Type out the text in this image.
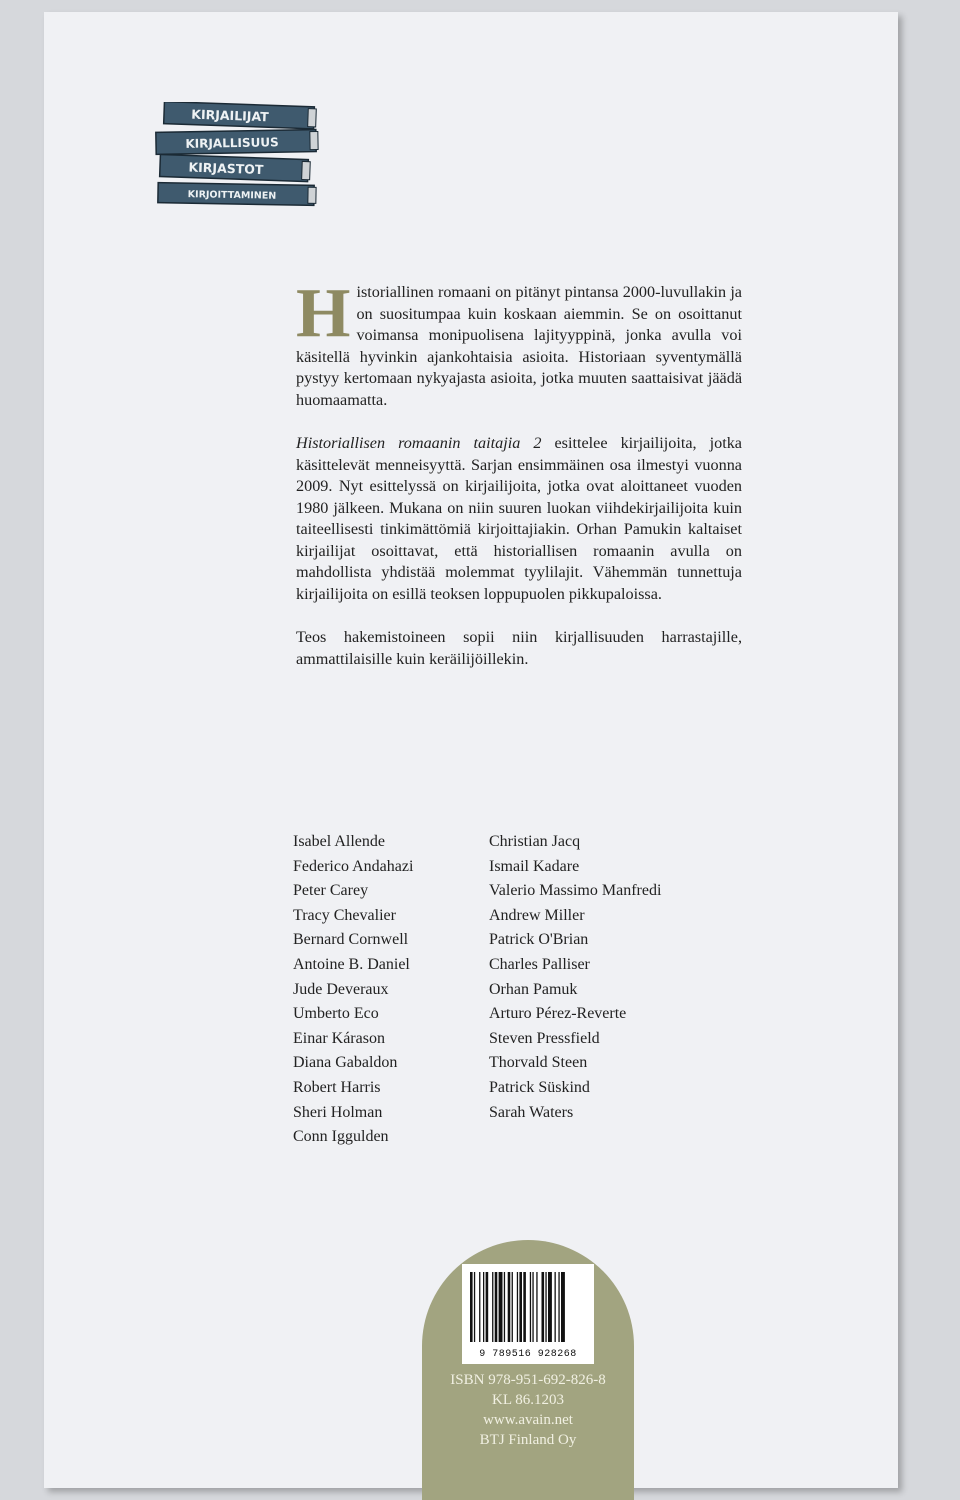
KIRJAILIJAT
KIRJALLISUUS
KIRJASTOT
KIRJOITTAMINEN

Historiallinen romaani on pitänyt pintansa 2000-luvullakin ja on suositumpaa kuin koskaan aiemmin. Se on osoittanut voimansa monipuolisena lajityyppinä, jonka avulla voi käsitellä hyvinkin ajankohtaisia asioita. Historiaan syventymällä pystyy kertomaan nykyajasta asioita, jotka muuten saattaisivat jäädä huomaamatta.

Historiallisen romaanin taitajia 2 esittelee kirjailijoita, jotka käsittelevät menneisyyttä. Sarjan ensimmäinen osa ilmestyi vuonna 2009. Nyt esittelyssä on kirjailijoita, jotka ovat aloittaneet vuoden 1980 jälkeen. Mukana on niin suuren luokan viihdekirjailijoita kuin taiteellisesti tinkimättömiä kirjoittajiakin. Orhan Pamukin kaltaiset kirjailijat osoittavat, että historiallisen romaanin avulla on mahdollista yhdistää molemmat tyylilajit. Vähemmän tunnettuja kirjailijoita on esillä teoksen loppupuolen pikkupaloissa.

Teos hakemistoineen sopii niin kirjallisuuden harrastajille, ammattilaisille kuin keräilijöillekin.

Isabel Allende
Federico Andahazi
Peter Carey
Tracy Chevalier
Bernard Cornwell
Antoine B. Daniel
Jude Deveraux
Umberto Eco
Einar Kárason
Diana Gabaldon
Robert Harris
Sheri Holman
Conn Iggulden
Christian Jacq
Ismail Kadare
Valerio Massimo Manfredi
Andrew Miller
Patrick O'Brian
Charles Palliser
Orhan Pamuk
Arturo Pérez-Reverte
Steven Pressfield
Thorvald Steen
Patrick Süskind
Sarah Waters
9 789516 928268
ISBN 978-951-692-826-8
KL 86.1203
www.avain.net
BTJ Finland Oy
